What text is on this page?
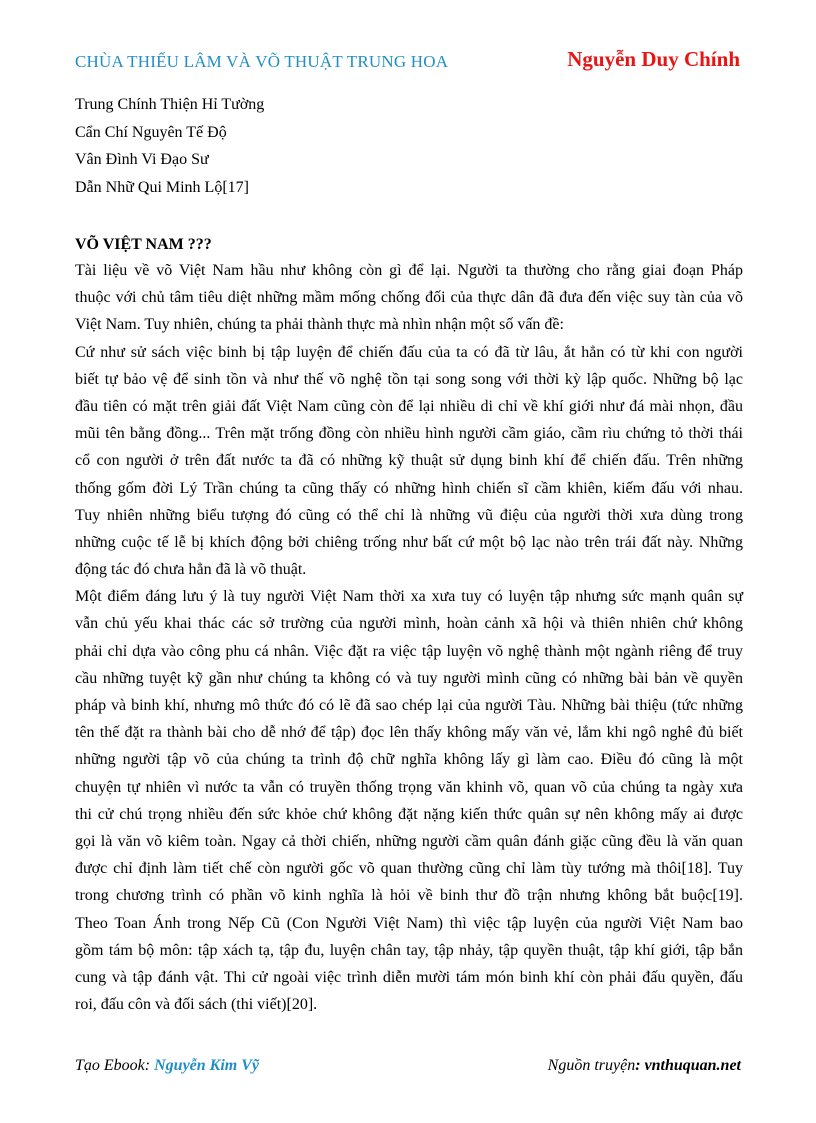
CHÙA THIẾU LÂM VÀ VÕ THUẬT TRUNG HOA	Nguyễn Duy Chính
Trung Chính Thiện Hỉ Tường
Cẩn Chí Nguyên Tế Độ
Vân Đình Vi Đạo Sư
Dẫn Nhữ Qui Minh Lộ[17]
VÕ VIỆT NAM ???
Tài liệu về võ Việt Nam hầu như không còn gì để lại. Người ta thường cho rằng giai đoạn Pháp
thuộc với chủ tâm tiêu diệt những mầm mống chống đối của thực dân đã đưa đến việc suy tàn của võ
Việt Nam. Tuy nhiên, chúng ta phải thành thực mà nhìn nhận một số vấn đề:
Cứ như sử sách việc binh bị tập luyện để chiến đấu của ta có đã từ lâu, ắt hẳn có từ khi con người
biết tự bảo vệ để sinh tồn và như thế võ nghệ tồn tại song song với thời kỳ lập quốc. Những bộ lạc
đầu tiên có mặt trên giải đất Việt Nam cũng còn để lại nhiều di chỉ về khí giới như đá mài nhọn, đầu
mũi tên bằng đồng... Trên mặt trống đồng còn nhiều hình người cầm giáo, cầm rìu chứng tỏ thời thái
cổ con người ở trên đất nước ta đã có những kỹ thuật sử dụng binh khí để chiến đấu. Trên những
thống gốm đời Lý Trần chúng ta cũng thấy có những hình chiến sĩ cầm khiên, kiếm đấu với nhau.
Tuy nhiên những biểu tượng đó cũng có thể chỉ là những vũ điệu của người thời xưa dùng trong
những cuộc tế lễ bị khích động bởi chiêng trống như bất cứ một bộ lạc nào trên trái đất này. Những
động tác đó chưa hẳn đã là võ thuật.
Một điểm đáng lưu ý là tuy người Việt Nam thời xa xưa tuy có luyện tập nhưng sức mạnh quân sự
vẫn chủ yếu khai thác các sở trường của người mình, hoàn cảnh xã hội và thiên nhiên chứ không
phải chỉ dựa vào công phu cá nhân. Việc đặt ra việc tập luyện võ nghệ thành một ngành riêng để truy
cầu những tuyệt kỹ gần như chúng ta không có và tuy người mình cũng có những bài bản về quyền
pháp và binh khí, nhưng mô thức đó có lẽ đã sao chép lại của người Tàu. Những bài thiệu (tức những
tên thế đặt ra thành bài cho dễ nhớ để tập) đọc lên thấy không mấy văn vẻ, lắm khi ngô nghê đủ biết
những người tập võ của chúng ta trình độ chữ nghĩa không lấy gì làm cao. Điều đó cũng là một
chuyện tự nhiên vì nước ta vẫn có truyền thống trọng văn khinh võ, quan võ của chúng ta ngày xưa
thi cử chú trọng nhiều đến sức khỏe chứ không đặt nặng kiến thức quân sự nên không mấy ai được
gọi là văn võ kiêm toàn. Ngay cả thời chiến, những người cầm quân đánh giặc cũng đều là văn quan
được chỉ định làm tiết chế còn người gốc võ quan thường cũng chỉ làm tùy tướng mà thôi[18]. Tuy
trong chương trình có phần võ kinh nghĩa là hỏi về binh thư đồ trận nhưng không bắt buộc[19].
Theo Toan Ánh trong Nếp Cũ (Con Người Việt Nam) thì việc tập luyện của người Việt Nam bao
gồm tám bộ môn: tập xách tạ, tập đu, luyện chân tay, tập nhảy, tập quyền thuật, tập khí giới, tập bắn
cung và tập đánh vật. Thi cử ngoài việc trình diễn mười tám món binh khí còn phải đấu quyền, đấu
roi, đấu côn và đối sách (thi viết)[20].
Tạo Ebook: Nguyễn Kim Vỹ	Nguồn truyện: vnthuquan.net
